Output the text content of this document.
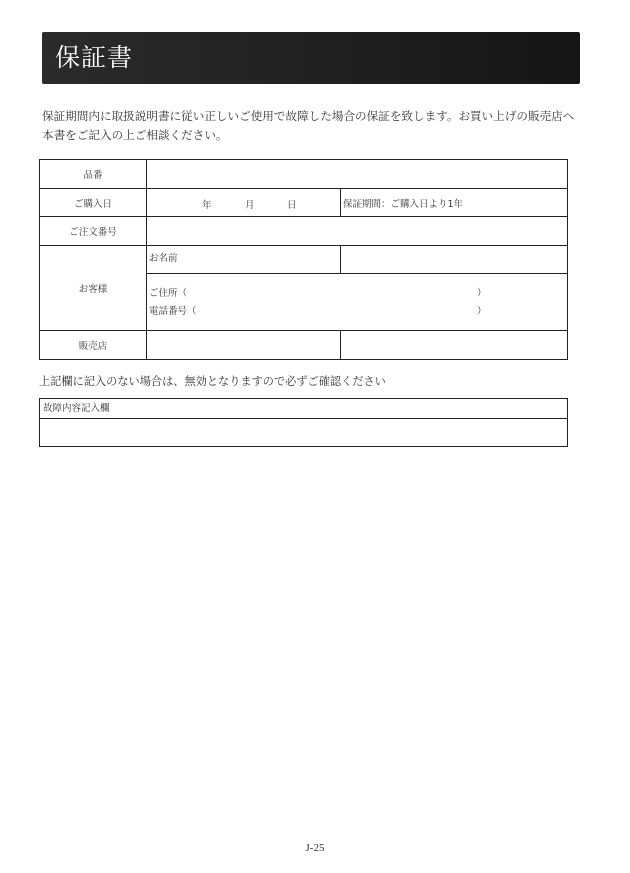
保証書
保証期間内に取扱説明書に従い正しいご使用で故障した場合の保証を致します。お買い上げの販売店へ本書をご記入の上ご相談ください。
品番		
ご購入日	年 月 日	保証期間：ご購入日より1年
ご注文番号		
お客様	お名前	

	ご住所（ ）
電話番号（ ）	

販売店		
上記欄に記入のない場合は、無効となりますので必ずご確認ください
故障内容記入欄
J-25
